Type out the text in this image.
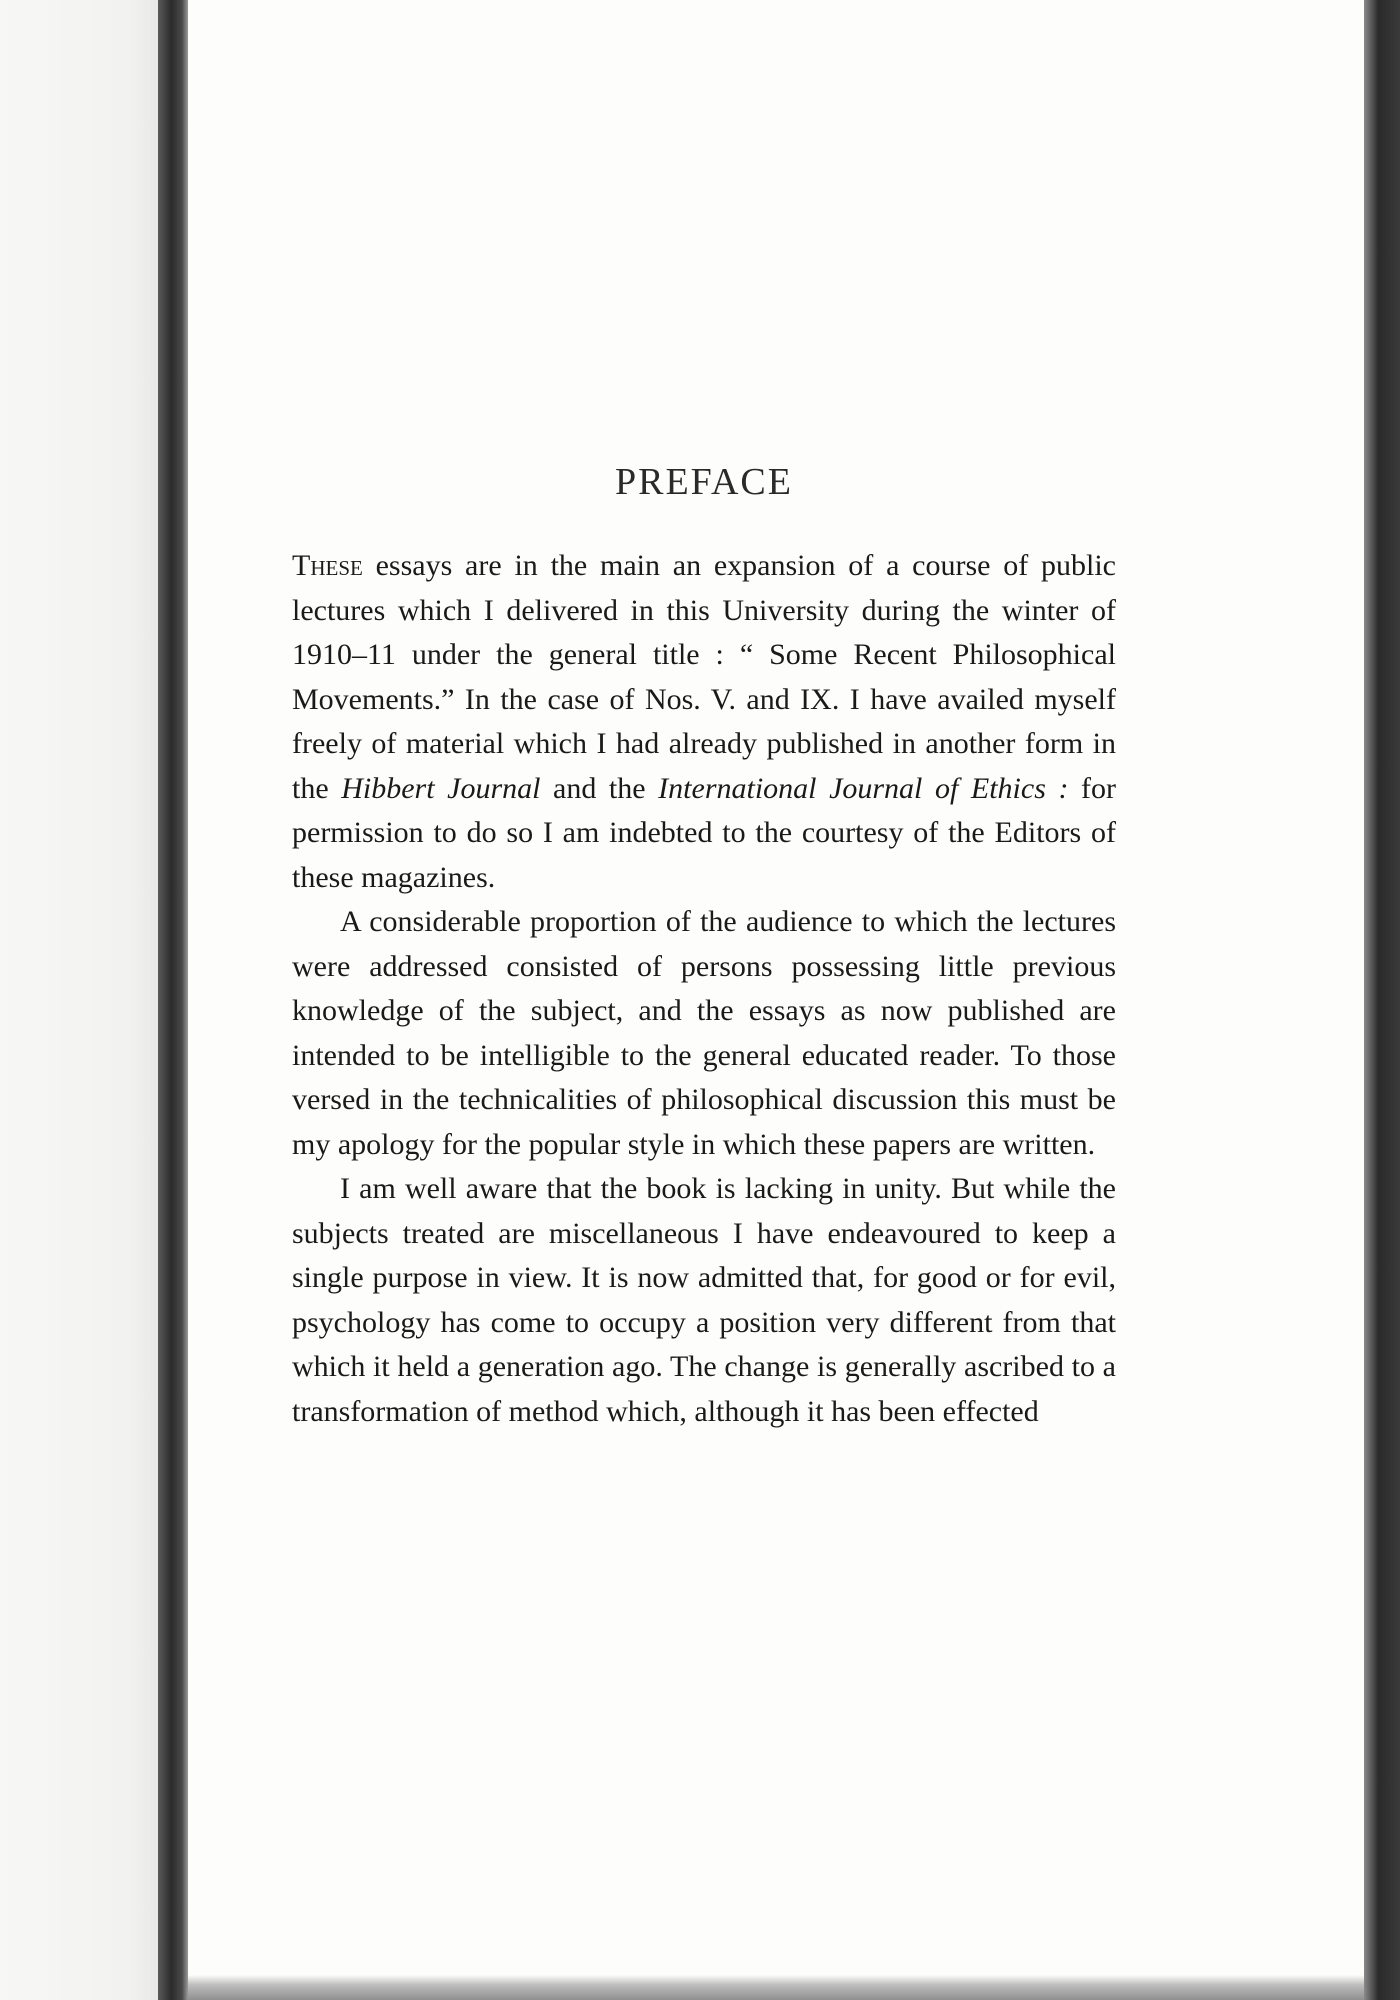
PREFACE

These essays are in the main an expansion of a course of public lectures which I delivered in this University during the winter of 1910–11 under the general title : “ Some Recent Philosophical Movements.” In the case of Nos. V. and IX. I have availed myself freely of material which I had already published in another form in the Hibbert Journal and the International Journal of Ethics : for permission to do so I am indebted to the courtesy of the Editors of these magazines.

A considerable proportion of the audience to which the lectures were addressed consisted of persons possessing little previous knowledge of the subject, and the essays as now published are intended to be intelligible to the general educated reader. To those versed in the technicalities of philosophical discussion this must be my apology for the popular style in which these papers are written.

I am well aware that the book is lacking in unity. But while the subjects treated are miscellaneous I have endeavoured to keep a single purpose in view. It is now admitted that, for good or for evil, psychology has come to occupy a position very different from that which it held a generation ago. The change is generally ascribed to a transformation of method which, although it has been effected
